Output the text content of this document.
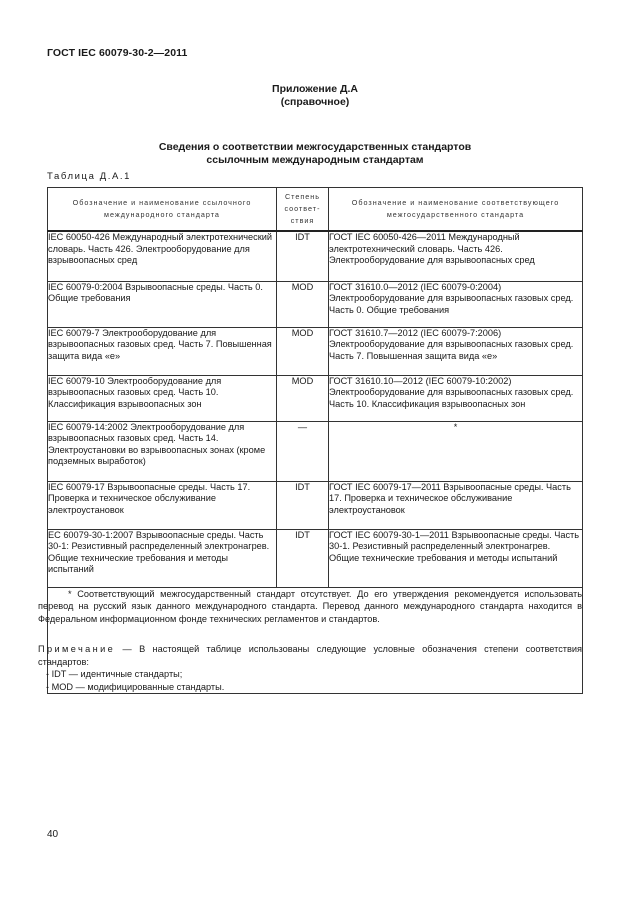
ГОСТ IEC 60079-30-2—2011
Приложение Д.А
(справочное)
Сведения о соответствии межгосударственных стандартов
ссылочным международным стандартам
Таблица Д.А.1
Обозначение и наименование ссылочного международного стандарта	Степень соответ-ствия	Обозначение и наименование соответствующего межгосударственного стандарта
IEC 60050-426 Международный электротехнический словарь. Часть 426. Электрооборудование для взрывоопасных сред	IDT	ГОСТ IEC 60050-426—2011 Международный электротехнический словарь. Часть 426. Электрооборудование для взрывоопасных сред
IEC 60079-0:2004 Взрывоопасные среды. Часть 0. Общие требования	MOD	ГОСТ 31610.0—2012 (IEC 60079-0:2004) Электрооборудование для взрывоопасных газовых сред. Часть 0. Общие требования
IEC 60079-7 Электрооборудование для взрывоопасных газовых сред. Часть 7. Повышенная защита вида «е»	MOD	ГОСТ 31610.7—2012 (IEC 60079-7:2006) Электрооборудование для взрывоопасных газовых сред. Часть 7. Повышенная защита вида «е»
IEC 60079-10 Электрооборудование для взрывоопасных газовых сред. Часть 10. Классификация взрывоопасных зон	MOD	ГОСТ 31610.10—2012 (IEC 60079-10:2002) Электрооборудование для взрывоопасных газовых сред. Часть 10. Классификация взрывоопасных зон
IEC 60079-14:2002 Электрооборудование для взрывоопасных газовых сред. Часть 14. Электроустановки во взрывоопасных зонах (кроме подземных выработок)	—	*
IEC 60079-17 Взрывоопасные среды. Часть 17. Проверка и техническое обслуживание электроустановок	IDT	ГОСТ IEC 60079-17—2011 Взрывоопасные среды. Часть 17. Проверка и техническое обслуживание электроустановок
ЕС 60079-30-1:2007 Взрывоопасные среды. Часть 30-1: Резистивный распределенный электронагрев. Общие технические требования и методы испытаний	IDT	ГОСТ IEC 60079-30-1—2011 Взрывоопасные среды. Часть 30-1. Резистивный распределенный электронагрев. Общие технические требования и методы испытаний

* Соответствующий межгосударственный стандарт отсутствует. До его утверждения рекомендуется использовать перевод на русский язык данного международного стандарта. Перевод данного международного стандарта находится в Федеральном информационном фонде технических регламентов и стандартов.
Примечание — В настоящей таблице использованы следующие условные обозначения степени соответствия стандартов:
- IDT — идентичные стандарты;
- MOD — модифицированные стандарты.		
40
